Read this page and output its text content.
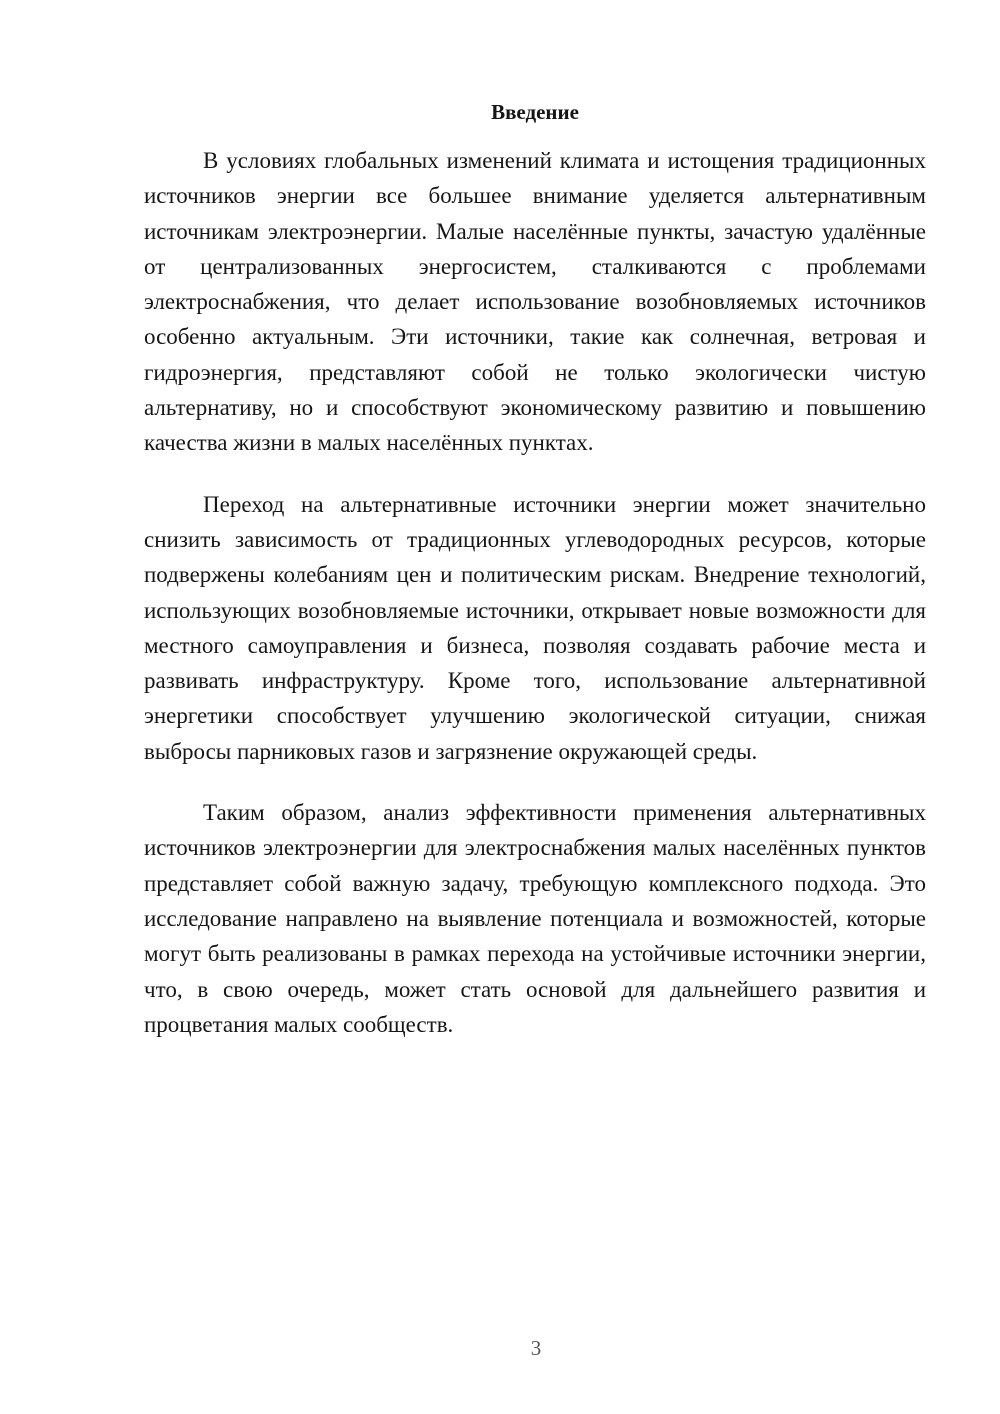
Введение

В условиях глобальных изменений климата и истощения традиционных источников энергии все большее внимание уделяется альтернативным источникам электроэнергии. Малые населённые пункты, зачастую удалённые от централизованных энергосистем, сталкиваются с проблемами электроснабжения, что делает использование возобновляемых источников особенно актуальным. Эти источники, такие как солнечная, ветровая и гидроэнергия, представляют собой не только экологически чистую альтернативу, но и способствуют экономическому развитию и повышению качества жизни в малых населённых пунктах.

Переход на альтернативные источники энергии может значительно снизить зависимость от традиционных углеводородных ресурсов, которые подвержены колебаниям цен и политическим рискам. Внедрение технологий, использующих возобновляемые источники, открывает новые возможности для местного самоуправления и бизнеса, позволяя создавать рабочие места и развивать инфраструктуру. Кроме того, использование альтернативной энергетики способствует улучшению экологической ситуации, снижая выбросы парниковых газов и загрязнение окружающей среды.

Таким образом, анализ эффективности применения альтернативных источников электроэнергии для электроснабжения малых населённых пунктов представляет собой важную задачу, требующую комплексного подхода. Это исследование направлено на выявление потенциала и возможностей, которые могут быть реализованы в рамках перехода на устойчивые источники энергии, что, в свою очередь, может стать основой для дальнейшего развития и процветания малых сообществ.

3
